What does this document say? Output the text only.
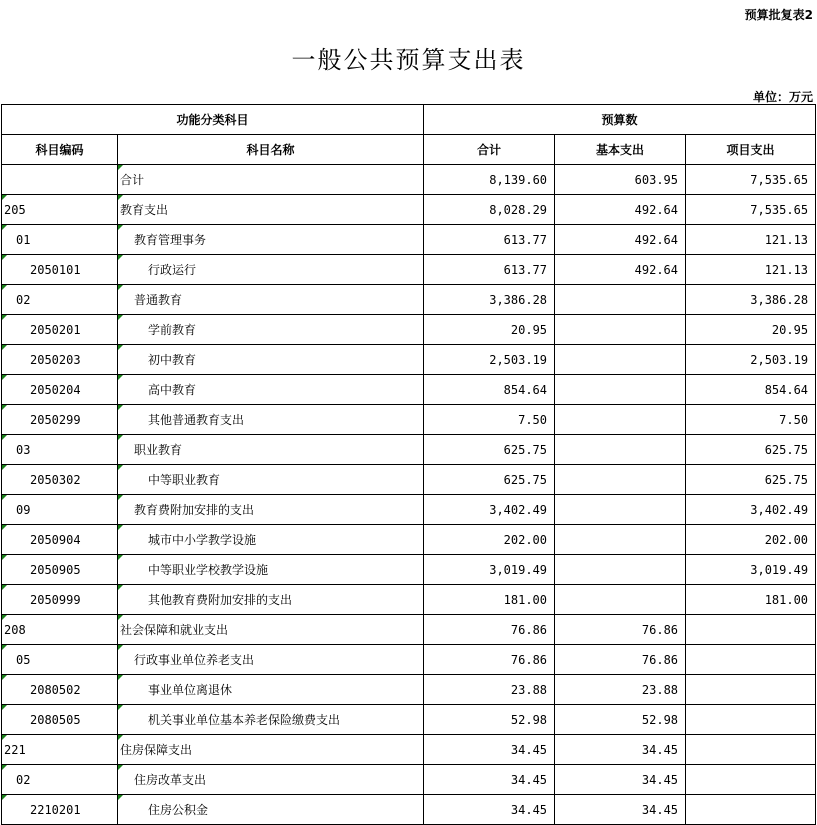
预算批复表2
一般公共预算支出表
单位：万元
功能分类科目		预算数		
科目编码	科目名称	合计	基本支出	项目支出

合计	8,139.60	603.95	7,535.65

205	教育支出	8,028.29	492.64	7,535.65

01	教育管理事务	613.77	492.64	121.13

2050101	行政运行	613.77	492.64	121.13

02	普通教育	3,386.28		3,386.28

2050201	学前教育	20.95		20.95

2050203	初中教育	2,503.19		2,503.19

2050204	高中教育	854.64		854.64

2050299	其他普通教育支出	7.50		7.50

03	职业教育	625.75		625.75

2050302	中等职业教育	625.75		625.75

09	教育费附加安排的支出	3,402.49		3,402.49

2050904	城市中小学教学设施	202.00		202.00

2050905	中等职业学校教学设施	3,019.49		3,019.49

2050999	其他教育费附加安排的支出	181.00		181.00

208	社会保障和就业支出	76.86	76.86	

05	行政事业单位养老支出	76.86	76.86	

2080502	事业单位离退休	23.88	23.88	

2080505	机关事业单位基本养老保险缴费支出	52.98	52.98	

221	住房保障支出	34.45	34.45	

02	住房改革支出	34.45	34.45	

2210201	住房公积金	34.45	34.45	
